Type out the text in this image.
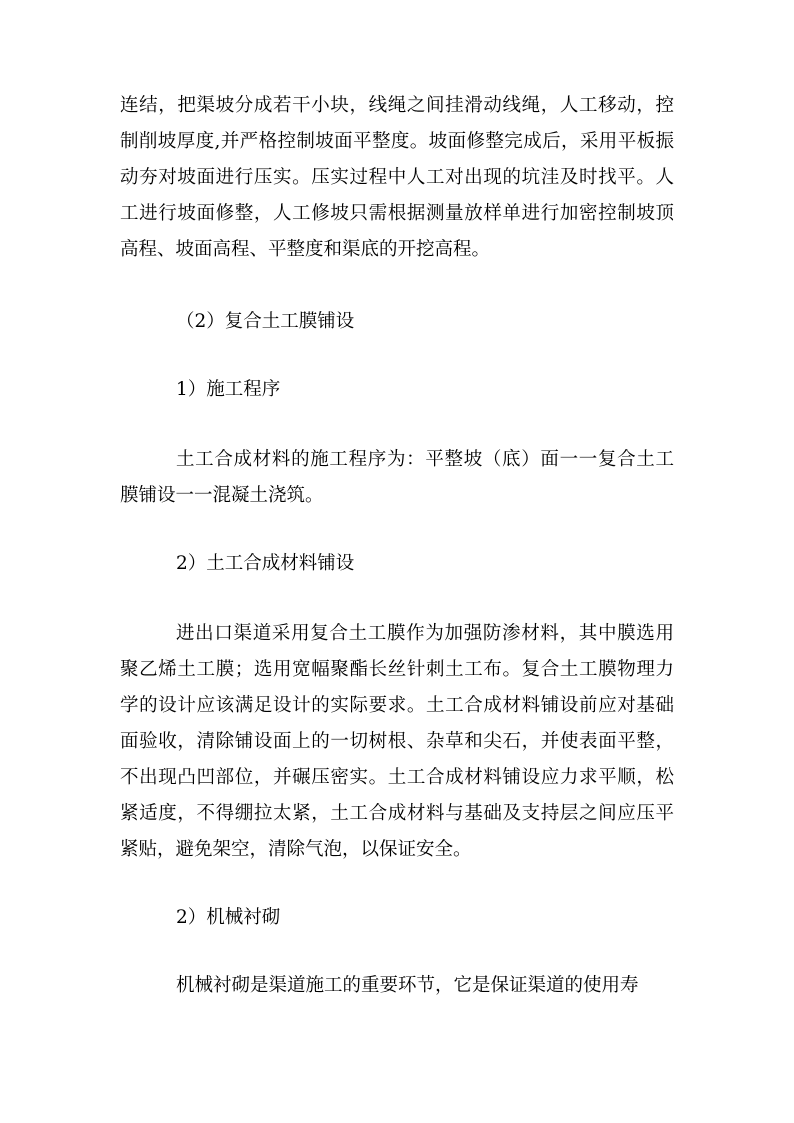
连结，把渠坡分成若干小块，线绳之间挂滑动线绳，人工移动，控制削坡厚度,并严格控制坡面平整度。坡面修整完成后，采用平板振动夯对坡面进行压实。压实过程中人工对出现的坑洼及时找平。人工进行坡面修整，人工修坡只需根据测量放样单进行加密控制坡顶高程、坡面高程、平整度和渠底的开挖高程。

（2）复合土工膜铺设

1）施工程序

土工合成材料的施工程序为：平整坡（底）面一一复合土工膜铺设一一混凝土浇筑。

2）土工合成材料铺设

进出口渠道采用复合土工膜作为加强防渗材料，其中膜选用聚乙烯土工膜；选用宽幅聚酯长丝针刺土工布。复合土工膜物理力学的设计应该满足设计的实际要求。土工合成材料铺设前应对基础面验收，清除铺设面上的一切树根、杂草和尖石，并使表面平整，不出现凸凹部位，并碾压密实。土工合成材料铺设应力求平顺，松紧适度，不得绷拉太紧，土工合成材料与基础及支持层之间应压平紧贴，避免架空，清除气泡，以保证安全。

2）机械衬砌

机械衬砌是渠道施工的重要环节，它是保证渠道的使用寿
